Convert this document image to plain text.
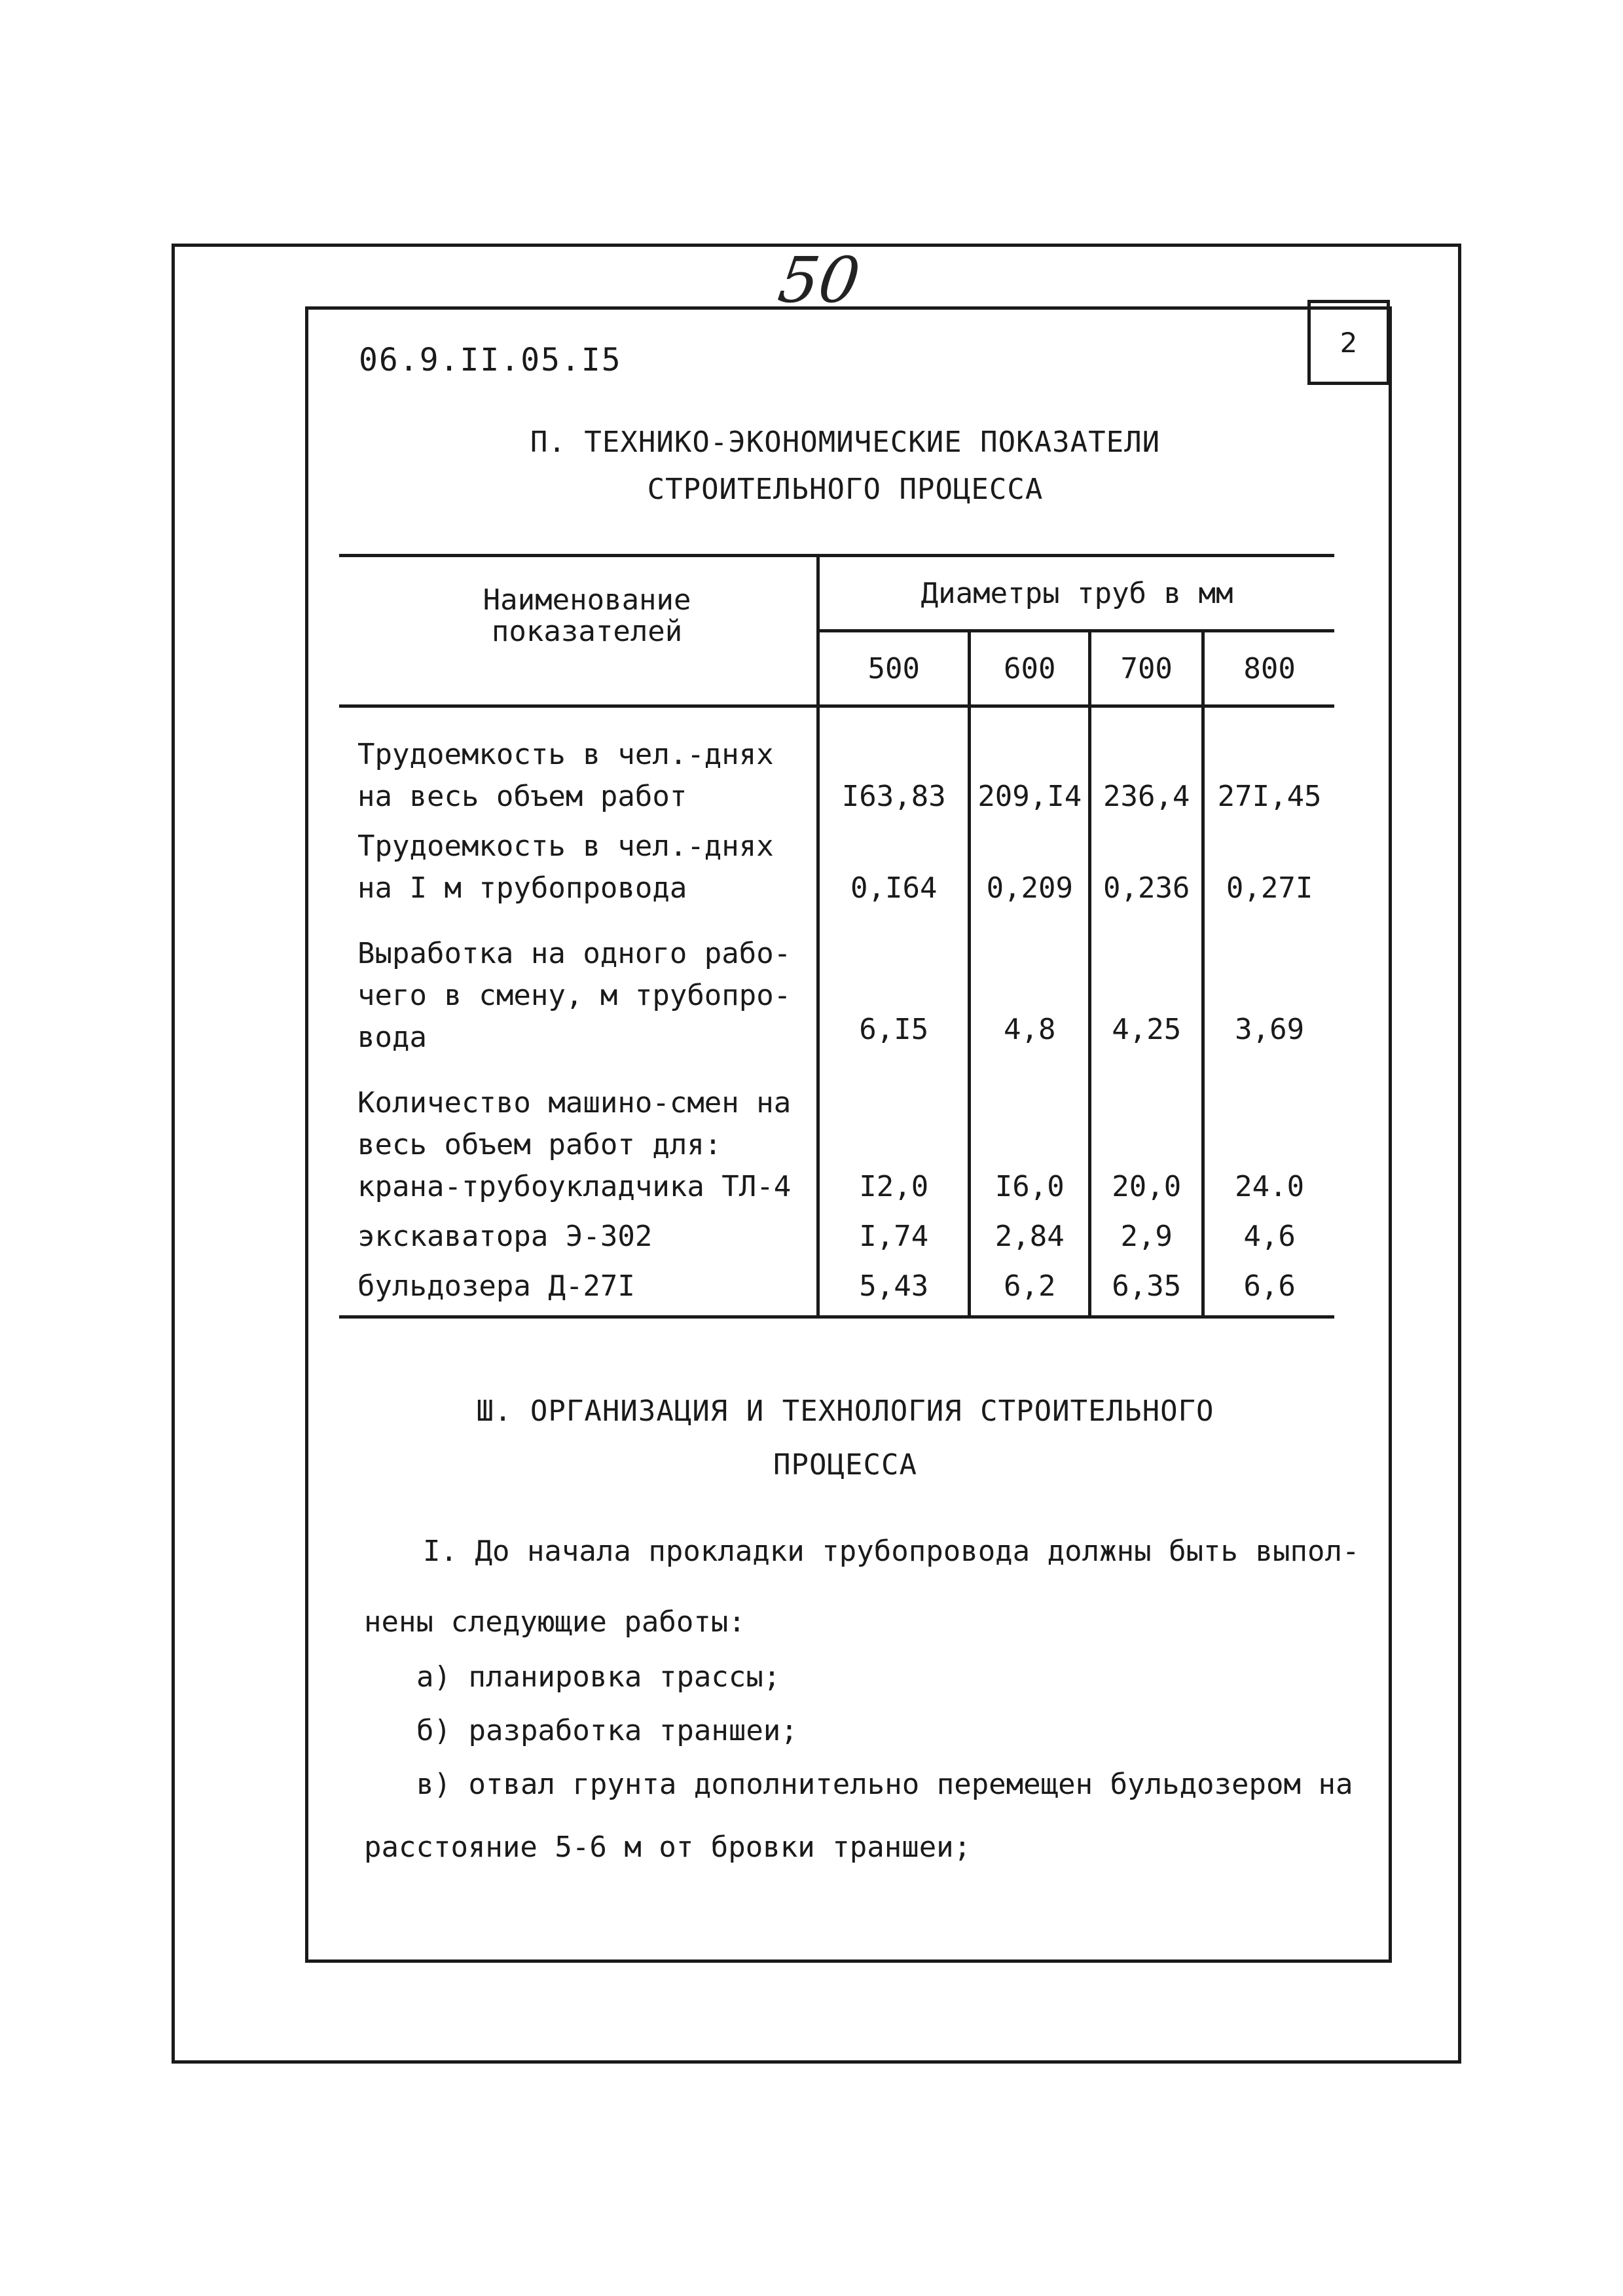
50
2
06.9.II.05.I5
П. ТЕХНИКО-ЭКОНОМИЧЕСКИЕ ПОКАЗАТЕЛИ
СТРОИТЕЛЬНОГО ПРОЦЕССА
Наименование
показателей	Диаметры труб в мм			
	500	600	700	800

Трудоемкость в чел.-днях
на весь объем работ	I63,83	209,I4	236,4	27I,45

Трудоемкость в чел.-днях
на I м трубопровода	0,I64	0,209	0,236	0,27I

Выработка на одного рабо-
чего в смену, м трубопро-
вода	6,I5	4,8	4,25	3,69

Количество машино-смен на
весь объем работ для:
крана-трубоукладчика ТЛ-4	I2,0	I6,0	20,0	24.0

экскаватора Э-302	I,74	2,84	2,9	4,6

бульдозера Д-27I	5,43	6,2	6,35	6,6
Ш. ОРГАНИЗАЦИЯ И ТЕХНОЛОГИЯ СТРОИТЕЛЬНОГО
ПРОЦЕССА
I. До начала прокладки трубопровода должны быть выпол-
нены следующие работы:
а) планировка трассы;
б) разработка траншеи;
в) отвал грунта дополнительно перемещен бульдозером на
расстояние 5-6 м от бровки траншеи;
